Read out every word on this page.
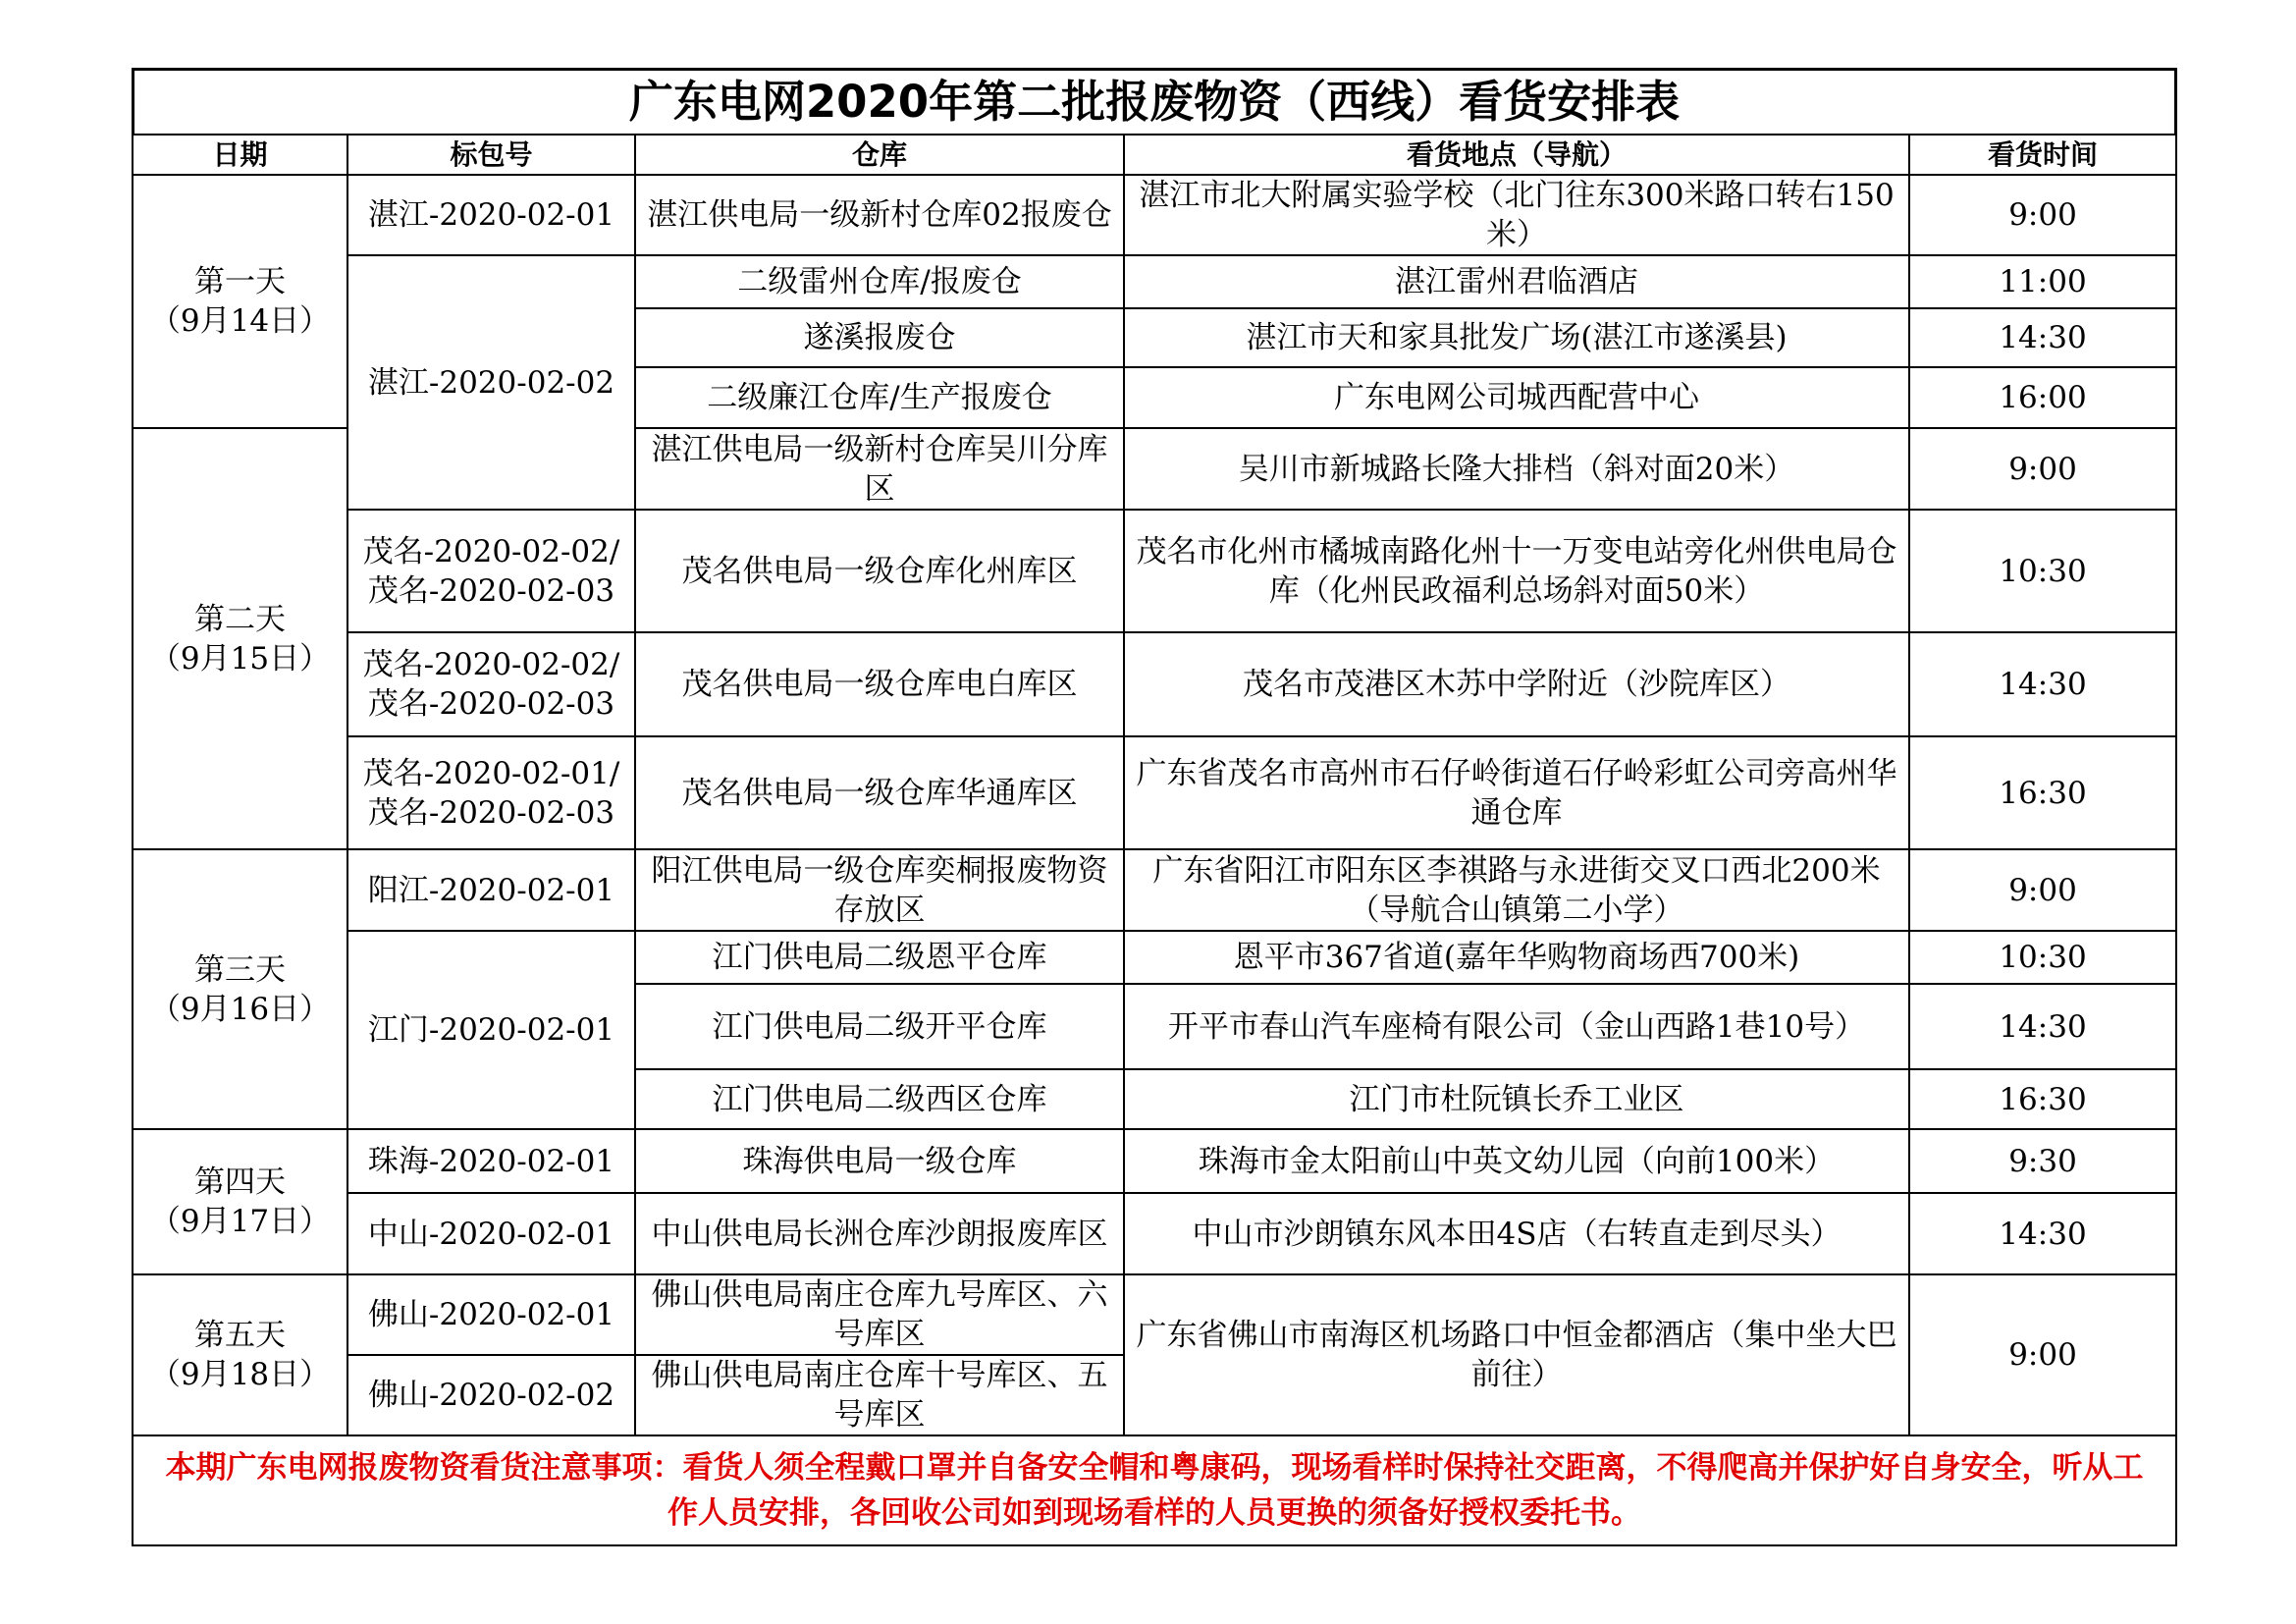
广东电网2020年第二批报废物资（西线）看货安排表
日期	标包号	仓库	看货地点（导航）	看货时间

第一天
（9月14日）	湛江-2020-02-01	湛江供电局一级新村仓库02报废仓	湛江市北大附属实验学校（北门往东300米路口转右150米）	9:00
	湛江-2020-02-02	二级雷州仓库/报废仓	湛江雷州君临酒店	11:00
		遂溪报废仓	湛江市天和家具批发广场(湛江市遂溪县)	14:30
		二级廉江仓库/生产报废仓	广东电网公司城西配营中心	16:00

第二天
（9月15日）		湛江供电局一级新村仓库吴川分库区	吴川市新城路长隆大排档（斜对面20米）	9:00
	茂名-2020-02-02/茂名-2020-02-03	茂名供电局一级仓库化州库区	茂名市化州市橘城南路化州十一万变电站旁化州供电局仓库（化州民政福利总场斜对面50米）	10:30
	茂名-2020-02-02/茂名-2020-02-03	茂名供电局一级仓库电白库区	茂名市茂港区木苏中学附近（沙院库区）	14:30
	茂名-2020-02-01/茂名-2020-02-03	茂名供电局一级仓库华通库区	广东省茂名市高州市石仔岭街道石仔岭彩虹公司旁高州华通仓库	16:30

第三天
（9月16日）	阳江-2020-02-01	阳江供电局一级仓库奕桐报废物资存放区	广东省阳江市阳东区李祺路与永进街交叉口西北200米（导航合山镇第二小学）	9:00
	江门-2020-02-01	江门供电局二级恩平仓库	恩平市367省道(嘉年华购物商场西700米)	10:30
		江门供电局二级开平仓库	开平市春山汽车座椅有限公司（金山西路1巷10号）	14:30
		江门供电局二级西区仓库	江门市杜阮镇长乔工业区	16:30

第四天
（9月17日）	珠海-2020-02-01	珠海供电局一级仓库	珠海市金太阳前山中英文幼儿园（向前100米）	9:30
	中山-2020-02-01	中山供电局长洲仓库沙朗报废库区	中山市沙朗镇东风本田4S店（右转直走到尽头）	14:30

第五天
（9月18日）	佛山-2020-02-01	佛山供电局南庄仓库九号库区、六号库区	广东省佛山市南海区机场路口中恒金都酒店（集中坐大巴前往）	9:00
	佛山-2020-02-02	佛山供电局南庄仓库十号库区、五号库区		
本期广东电网报废物资看货注意事项：看货人须全程戴口罩并自备安全帽和粤康码，现场看样时保持社交距离，不得爬高并保护好自身安全，听从工作人员安排，各回收公司如到现场看样的人员更换的须备好授权委托书。				
